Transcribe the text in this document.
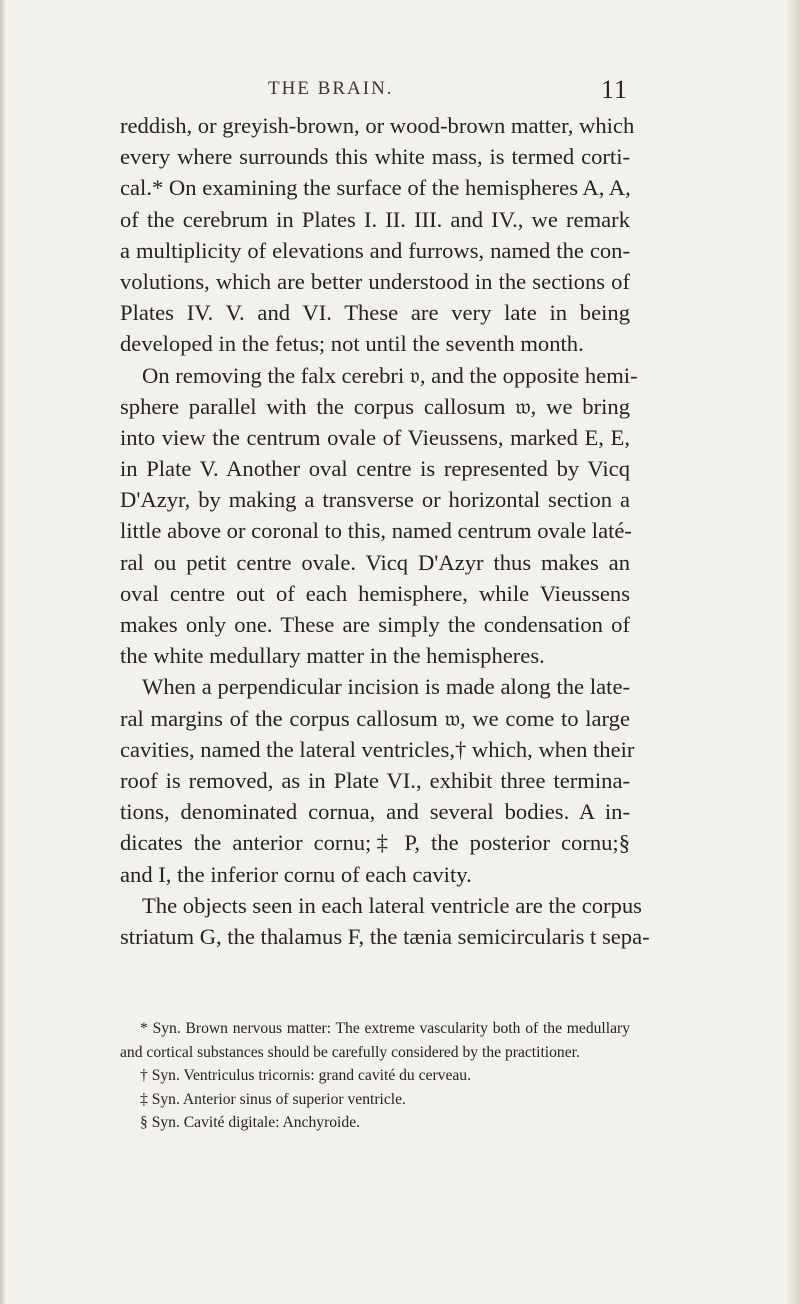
THE BRAIN.	11
reddish, or greyish-brown, or wood-brown matter, which
every where surrounds this white mass, is termed corti-
cal.* On examining the surface of the hemispheres A, A,
of the cerebrum in Plates I. II. III. and IV., we remark
a multiplicity of elevations and furrows, named the con-
volutions, which are better understood in the sections of
Plates IV. V. and VI. These are very late in being
developed in the fetus; not until the seventh month.
On removing the falx cerebri 𝔳, and the opposite hemi-
sphere parallel with the corpus callosum 𝔴, we bring
into view the centrum ovale of Vieussens, marked E, E,
in Plate V. Another oval centre is represented by Vicq
D'Azyr, by making a transverse or horizontal section a
little above or coronal to this, named centrum ovale laté-
ral ou petit centre ovale. Vicq D'Azyr thus makes an
oval centre out of each hemisphere, while Vieussens
makes only one. These are simply the condensation of
the white medullary matter in the hemispheres.
When a perpendicular incision is made along the late-
ral margins of the corpus callosum 𝔴, we come to large
cavities, named the lateral ventricles,† which, when their
roof is removed, as in Plate VI., exhibit three termina-
tions, denominated cornua, and several bodies. A in-
dicates the anterior cornu;‡ P, the posterior cornu;§
and I, the inferior cornu of each cavity.
The objects seen in each lateral ventricle are the corpus
striatum G, the thalamus F, the tænia semicircularis t sepa-
* Syn. Brown nervous matter: The extreme vascularity both of the medullary
and cortical substances should be carefully considered by the practitioner.
† Syn. Ventriculus tricornis: grand cavité du cerveau.
‡ Syn. Anterior sinus of superior ventricle.
§ Syn. Cavité digitale: Anchyroide.
